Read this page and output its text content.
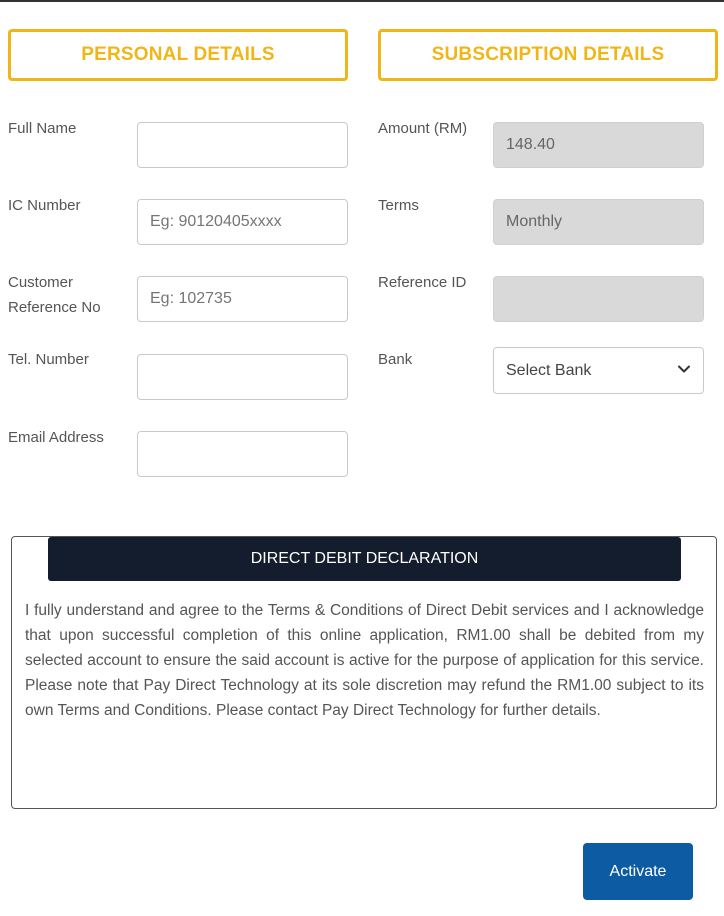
PERSONAL DETAILS	SUBSCRIPTION DETAILS
Full Name
IC Number
Eg: 90120405xxxx
Customer
Reference No
Eg: 102735
Tel. Number
Email Address
Amount (RM)
148.40
Terms
Monthly
Reference ID
Bank
Select Bank
DIRECT DEBIT DECLARATION
I fully understand and agree to the Terms & Conditions of Direct Debit services and I acknowledge that upon successful completion of this online application, RM1.00 shall be debited from my selected account to ensure the said account is active for the purpose of application for this service. Please note that Pay Direct Technology at its sole discretion may refund the RM1.00 subject to its own Terms and Conditions. Please contact Pay Direct Technology for further details.
Activate
